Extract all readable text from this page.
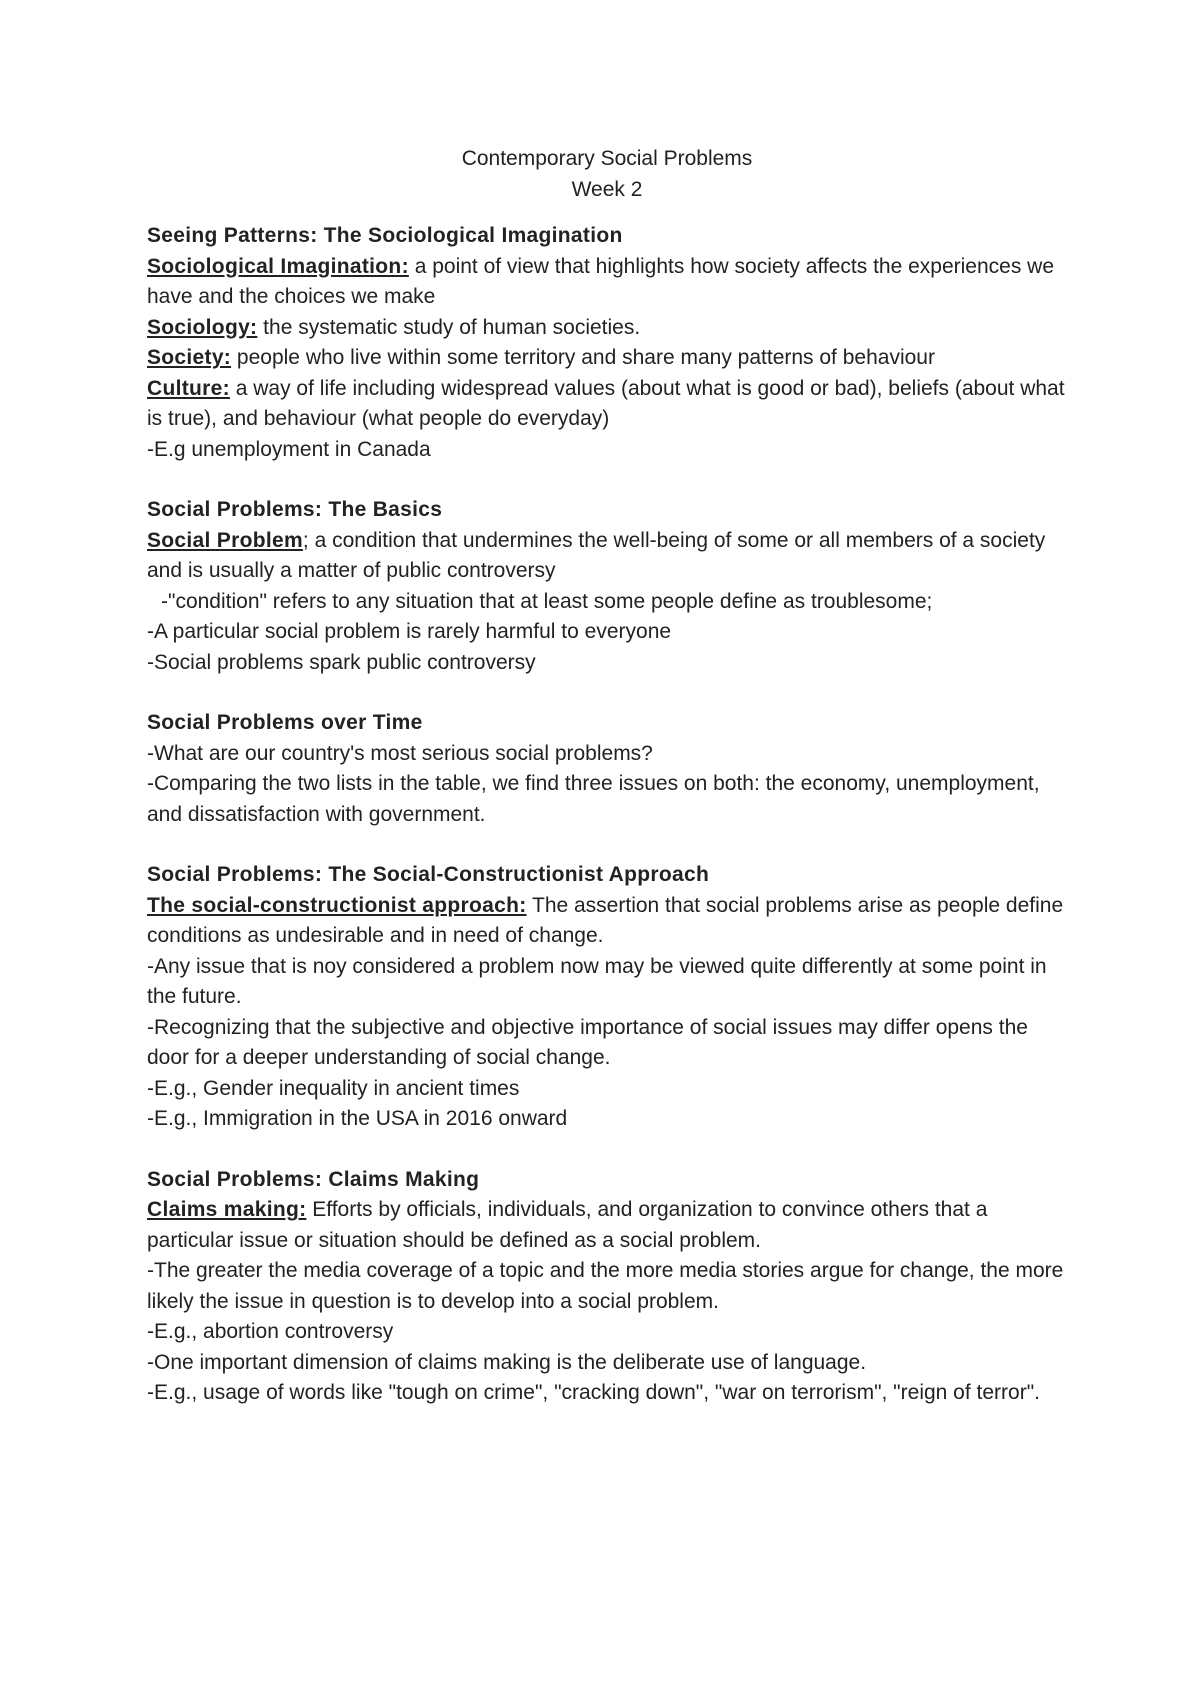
Contemporary Social Problems
Week 2
Seeing Patterns: The Sociological Imagination
Sociological Imagination: a point of view that highlights how society affects the experiences we have and the choices we make
Sociology: the systematic study of human societies.
Society: people who live within some territory and share many patterns of behaviour
Culture: a way of life including widespread values (about what is good or bad), beliefs (about what is true), and behaviour (what people do everyday)
-E.g unemployment in Canada
Social Problems: The Basics
Social Problem; a condition that undermines the well-being of some or all members of a society and is usually a matter of public controversy
-"condition" refers to any situation that at least some people define as troublesome;
-A particular social problem is rarely harmful to everyone
-Social problems spark public controversy
Social Problems over Time
-What are our country's most serious social problems?
-Comparing the two lists in the table, we find three issues on both: the economy, unemployment, and dissatisfaction with government.
Social Problems: The Social-Constructionist Approach
The social-constructionist approach: The assertion that social problems arise as people define conditions as undesirable and in need of change.
-Any issue that is noy considered a problem now may be viewed quite differently at some point in the future.
-Recognizing that the subjective and objective importance of social issues may differ opens the door for a deeper understanding of social change.
-E.g., Gender inequality in ancient times
-E.g., Immigration in the USA in 2016 onward
Social Problems: Claims Making
Claims making: Efforts by officials, individuals, and organization to convince others that a particular issue or situation should be defined as a social problem.
-The greater the media coverage of a topic and the more media stories argue for change, the more likely the issue in question is to develop into a social problem.
-E.g., abortion controversy
-One important dimension of claims making is the deliberate use of language.
-E.g., usage of words like "tough on crime", "cracking down", "war on terrorism", "reign of terror".
